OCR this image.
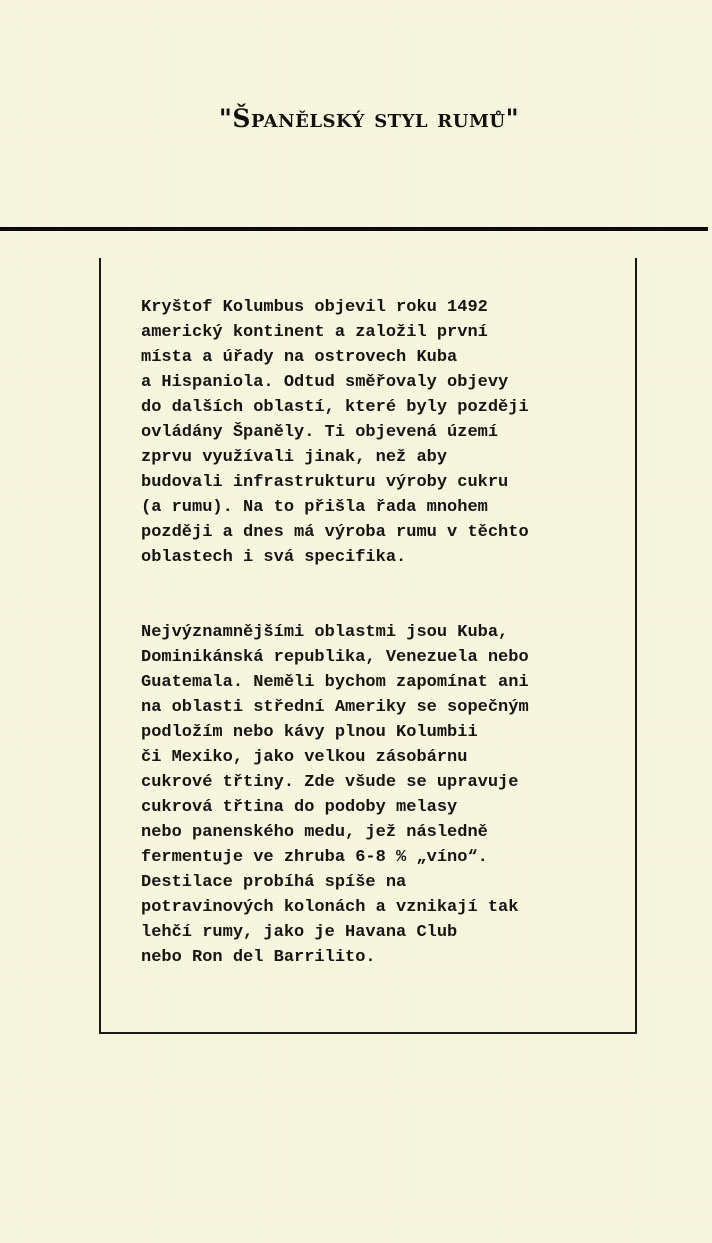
"Španělský styl rumů"

Kryštof Kolumbus objevil roku 1492
americký kontinent a založil první
místa a úřady na ostrovech Kuba
a Hispaniola. Odtud směřovaly objevy
do dalších oblastí, které byly později
ovládány Španěly. Ti objevená území
zprvu využívali jinak, než aby
budovali infrastrukturu výroby cukru
(a rumu). Na to přišla řada mnohem
později a dnes má výroba rumu v těchto
oblastech i svá specifika.

Nejvýznamnějšími oblastmi jsou Kuba,
Dominikánská republika, Venezuela nebo
Guatemala. Neměli bychom zapomínat ani
na oblasti střední Ameriky se sopečným
podložím nebo kávy plnou Kolumbii
či Mexiko, jako velkou zásobárnu
cukrové třtiny. Zde všude se upravuje
cukrová třtina do podoby melasy
nebo panenského medu, jež následně
fermentuje ve zhruba 6-8 % „víno“.
Destilace probíhá spíše na
potravinových kolonách a vznikají tak
lehčí rumy, jako je Havana Club
nebo Ron del Barrilito.
